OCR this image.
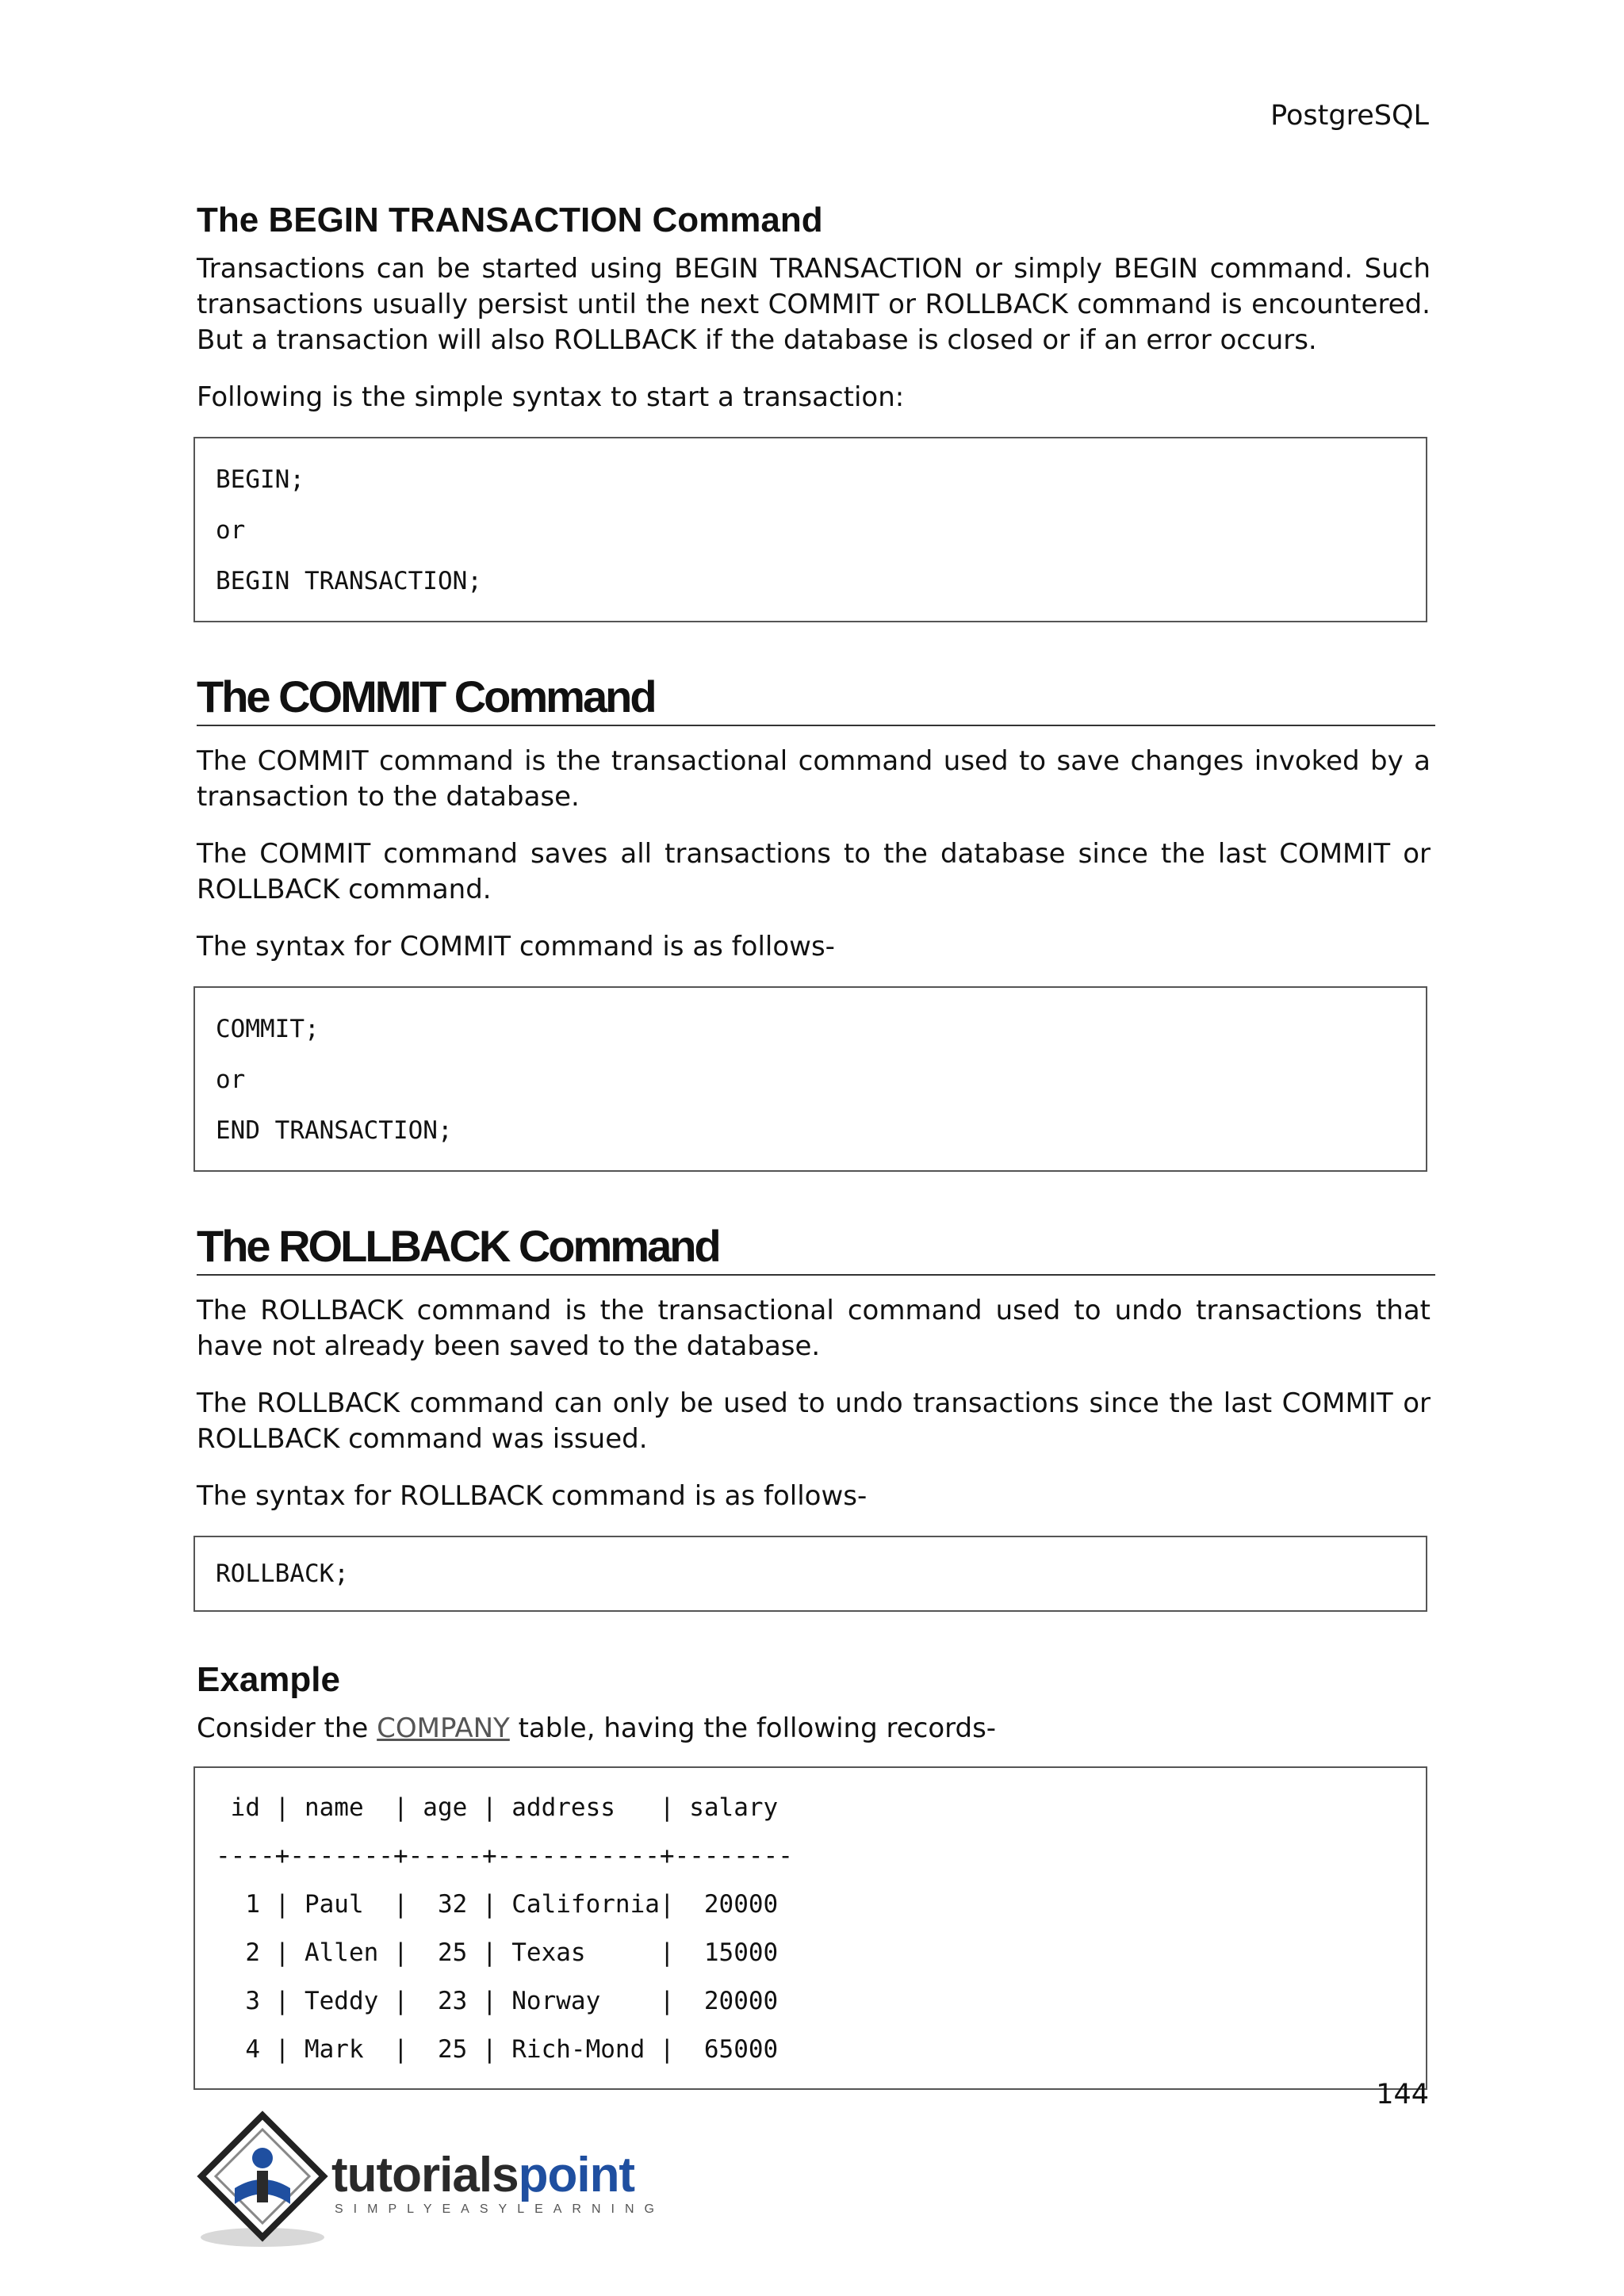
PostgreSQL
The BEGIN TRANSACTION Command

Transactions can be started using BEGIN TRANSACTION or simply BEGIN command. Such transactions usually persist until the next COMMIT or ROLLBACK command is encountered. But a transaction will also ROLLBACK if the database is closed or if an error occurs.

Following is the simple syntax to start a transaction:

BEGIN;
or
BEGIN TRANSACTION;
The COMMIT Command

The COMMIT command is the transactional command used to save changes invoked by a transaction to the database.

The COMMIT command saves all transactions to the database since the last COMMIT or ROLLBACK command.

The syntax for COMMIT command is as follows-

COMMIT;
or
END TRANSACTION;
The ROLLBACK Command

The ROLLBACK command is the transactional command used to undo transactions that have not already been saved to the database.

The ROLLBACK command can only be used to undo transactions since the last COMMIT or ROLLBACK command was issued.

The syntax for ROLLBACK command is as follows-

ROLLBACK;
Example

Consider the COMPANY table, having the following records-

id | name  | age | address   | salary
----+-------+-----+-----------+--------
1 | Paul  |  32 | California|  20000
2 | Allen |  25 | Texas     |  15000
3 | Teddy |  23 | Norway    |  20000
4 | Mark  |  25 | Rich-Mond |  65000
144
tutorialspoint
SIMPLYEASYLEARNING
